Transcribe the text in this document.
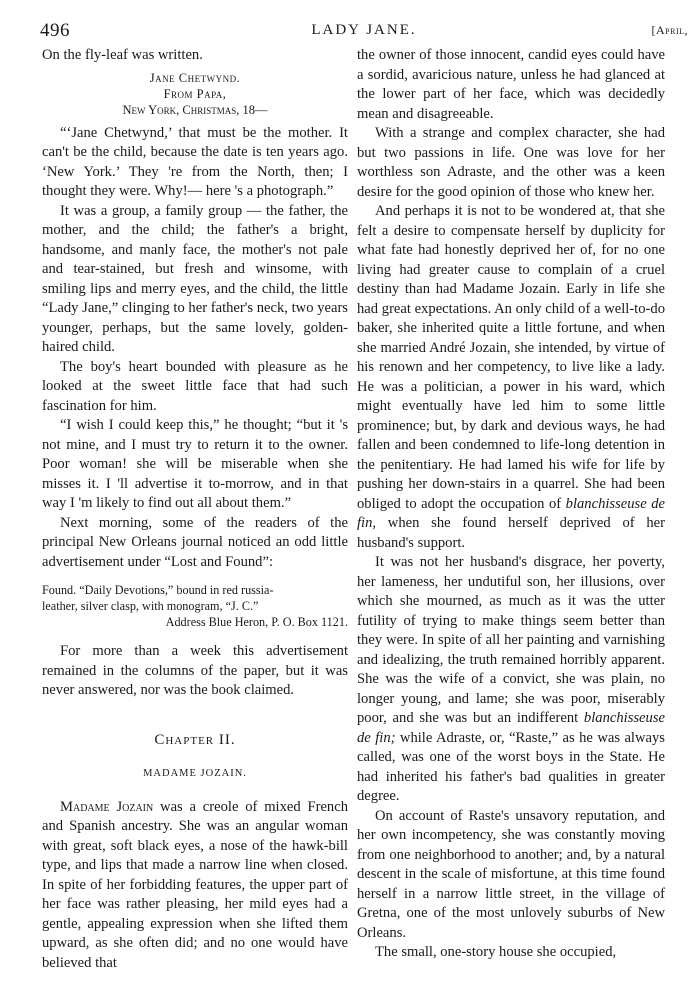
496	LADY JANE.	[April,

On the fly-leaf was written.

Jane Chetwynd.
From Papa,
New York, Christmas, 18—

“‘Jane Chetwynd,’ that must be the mother. It can't be the child, because the date is ten years ago. ‘New York.’ They 're from the North, then; I thought they were. Why!— here 's a photograph.”

It was a group, a family group — the father, the mother, and the child; the father's a bright, handsome, and manly face, the mother's not pale and tear-stained, but fresh and winsome, with smiling lips and merry eyes, and the child, the little “Lady Jane,” clinging to her father's neck, two years younger, perhaps, but the same lovely, golden-haired child.

The boy's heart bounded with pleasure as he looked at the sweet little face that had such fascination for him.

“I wish I could keep this,” he thought; “but it 's not mine, and I must try to return it to the owner. Poor woman! she will be miserable when she misses it. I 'll advertise it to-morrow, and in that way I 'm likely to find out all about them.”

Next morning, some of the readers of the principal New Orleans journal noticed an odd little advertisement under “Lost and Found”:

Found. “Daily Devotions,” bound in red russia-
leather, silver clasp, with monogram, “J. C.”
Address Blue Heron, P. O. Box 1121.

For more than a week this advertisement remained in the columns of the paper, but it was never answered, nor was the book claimed.

Chapter II.
MADAME JOZAIN.

Madame Jozain was a creole of mixed French and Spanish ancestry. She was an angular woman with great, soft black eyes, a nose of the hawk-bill type, and lips that made a narrow line when closed. In spite of her forbidding features, the upper part of her face was rather pleasing, her mild eyes had a gentle, appealing expression when she lifted them upward, as she often did; and no one would have believed that

the owner of those innocent, candid eyes could have a sordid, avaricious nature, unless he had glanced at the lower part of her face, which was decidedly mean and disagreeable.

With a strange and complex character, she had but two passions in life. One was love for her worthless son Adraste, and the other was a keen desire for the good opinion of those who knew her.

And perhaps it is not to be wondered at, that she felt a desire to compensate herself by duplicity for what fate had honestly deprived her of, for no one living had greater cause to complain of a cruel destiny than had Madame Jozain. Early in life she had great expectations. An only child of a well-to-do baker, she inherited quite a little fortune, and when she married André Jozain, she intended, by virtue of his renown and her competency, to live like a lady. He was a politician, a power in his ward, which might eventually have led him to some little prominence; but, by dark and devious ways, he had fallen and been condemned to life-long detention in the penitentiary. He had lamed his wife for life by pushing her down-stairs in a quarrel. She had been obliged to adopt the occupation of blanchisseuse de fin, when she found herself deprived of her husband's support.

It was not her husband's disgrace, her poverty, her lameness, her undutiful son, her illusions, over which she mourned, as much as it was the utter futility of trying to make things seem better than they were. In spite of all her painting and varnishing and idealizing, the truth remained horribly apparent. She was the wife of a convict, she was plain, no longer young, and lame; she was poor, miserably poor, and she was but an indifferent blanchisseuse de fin; while Adraste, or, “Raste,” as he was always called, was one of the worst boys in the State. He had inherited his father's bad qualities in greater degree.

On account of Raste's unsavory reputation, and her own incompetency, she was constantly moving from one neighborhood to another; and, by a natural descent in the scale of misfortune, at this time found herself in a narrow little street, in the village of Gretna, one of the most unlovely suburbs of New Orleans.

The small, one-story house she occupied,
